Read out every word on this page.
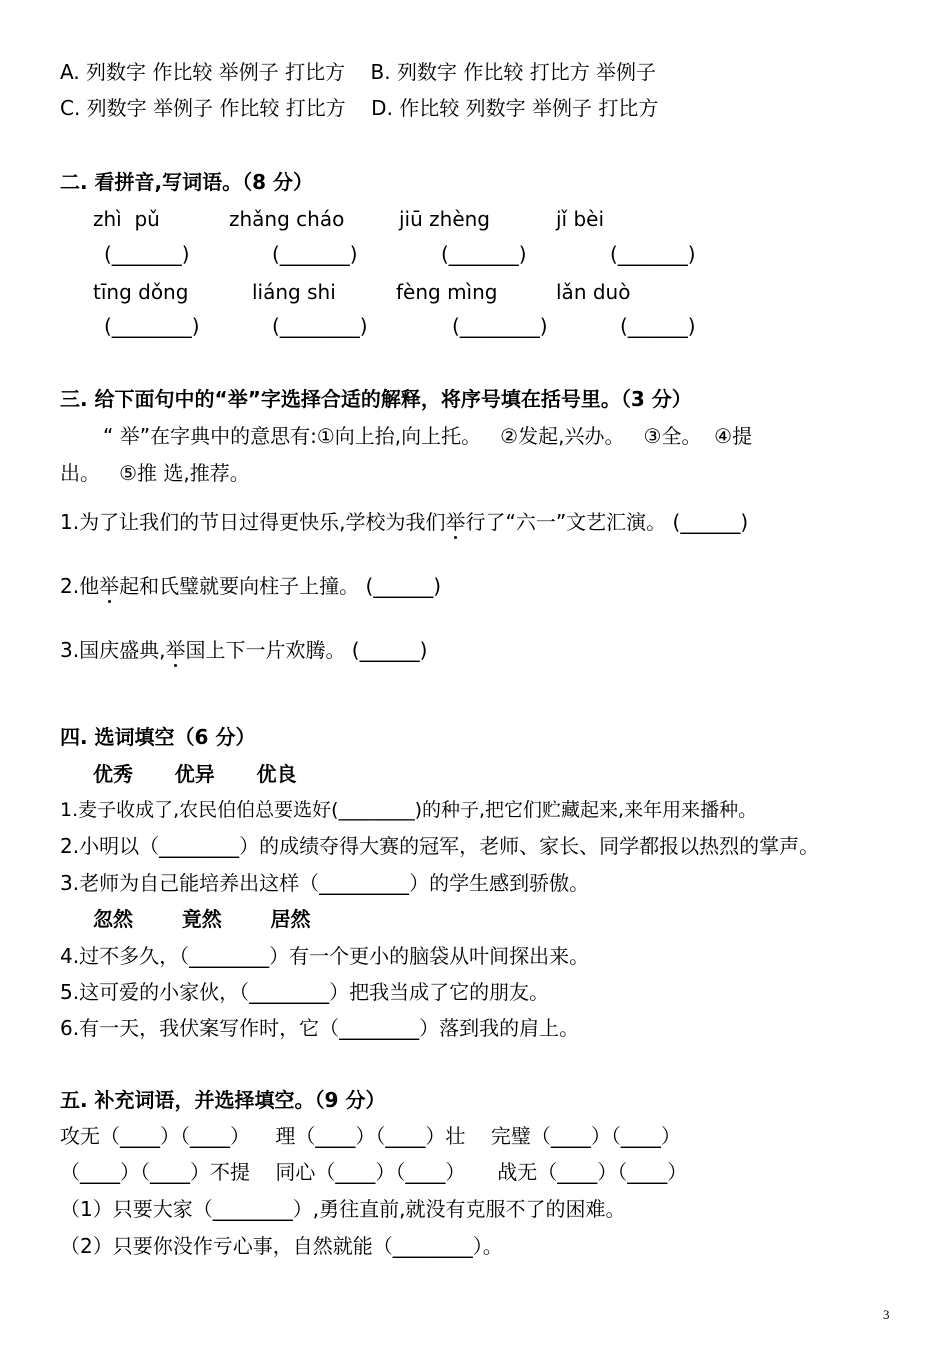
A. 列数字 作比较 举例子 打比方    B. 列数字 作比较 打比方 举例子
C. 列数字 举例子 作比较 打比方    D. 作比较 列数字 举例子 打比方
二. 看拼音,写词语。（8 分）
zhì  pǔ	zhǎng cháo	jiū zhèng	jǐ bèi
(_______)	(_______)	(_______)	(_______)
tīng dǒng	liáng shi	fèng mìng	lǎn duò
(________)	(________)	(________)	(______)
三. 给下面句中的“举”字选择合适的解释，将序号填在括号里。（3 分）
“ 举”在字典中的意思有:①向上抬,向上托。   ②发起,兴办。   ③全。  ④提
出。   ⑤推 选,推荐。
1.为了让我们的节日过得更快乐,学校为我们举行了“六一”文艺汇演。 (______)
2.他举起和氏璧就要向柱子上撞。 (______)
3.国庆盛典,举国上下一片欢腾。 (______)
四. 选词填空（6 分）
优秀      优异      优良
1.麦子收成了,农民伯伯总要选好(________)的种子,把它们贮藏起来,来年用来播种。
2.小明以（________）的成绩夺得大赛的冠军，老师、家长、同学都报以热烈的掌声。
3.老师为自己能培养出这样（_________）的学生感到骄傲。
忽然       竟然       居然
4.过不多久，（________）有一个更小的脑袋从叶间探出来。
5.这可爱的小家伙，（________）把我当成了它的朋友。
6.有一天，我伏案写作时，它（________）落到我的肩上。
五. 补充词语，并选择填空。（9 分）
攻无（____）（____）    理（____）（____）壮    完璧（____）（____）
（____）（____）不提    同心（____）（____）     战无（____）（____）
（1）只要大家（________）,勇往直前,就没有克服不了的困难。
（2）只要你没作亏心事，自然就能（________）。
3
